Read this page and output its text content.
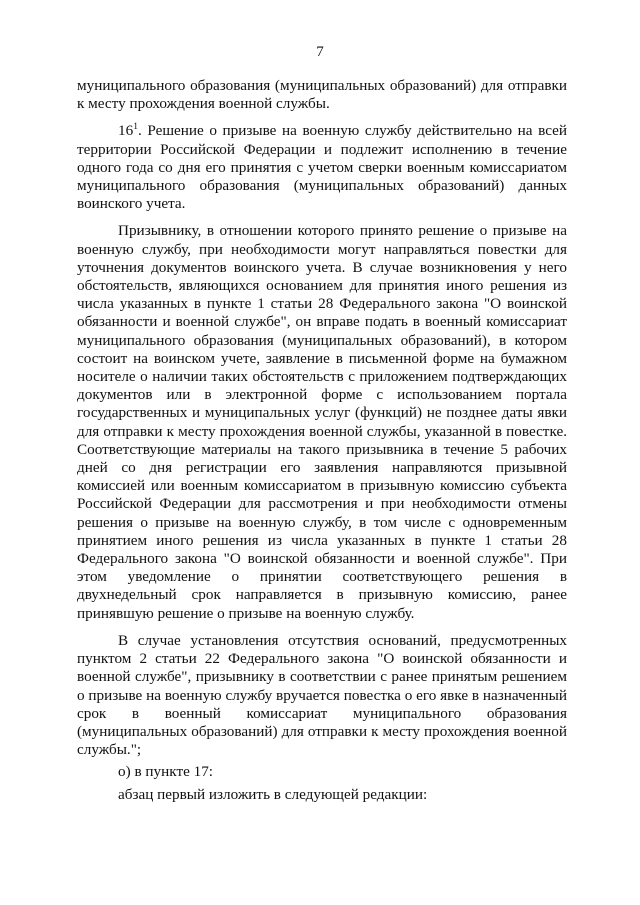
7

муниципального образования (муниципальных образований) для отправки к месту прохождения военной службы.

16$^1$. Решение о призыве на военную службу действительно на всей территории Российской Федерации и подлежит исполнению в течение одного года со дня его принятия с учетом сверки военным комиссариатом муниципального образования (муниципальных образований) данных воинского учета.

Призывнику, в отношении которого принято решение о призыве на военную службу, при необходимости могут направляться повестки для уточнения документов воинского учета. В случае возникновения у него обстоятельств, являющихся основанием для принятия иного решения из числа указанных в пункте 1 статьи 28 Федерального закона "О воинской обязанности и военной службе", он вправе подать в военный комиссариат муниципального образования (муниципальных образований), в котором состоит на воинском учете, заявление в письменной форме на бумажном носителе о наличии таких обстоятельств с приложением подтверждающих документов или в электронной форме с использованием портала государственных и муниципальных услуг (функций) не позднее даты явки для отправки к месту прохождения военной службы, указанной в повестке. Соответствующие материалы на такого призывника в течение 5 рабочих дней со дня регистрации его заявления направляются призывной комиссией или военным комиссариатом в призывную комиссию субъекта Российской Федерации для рассмотрения и при необходимости отмены решения о призыве на военную службу, в том числе с одновременным принятием иного решения из числа указанных в пункте 1 статьи 28 Федерального закона "О воинской обязанности и военной службе". При этом уведомление о принятии соответствующего решения в двухнедельный срок направляется в призывную комиссию, ранее принявшую решение о призыве на военную службу.

В случае установления отсутствия оснований, предусмотренных пунктом 2 статьи 22 Федерального закона "О воинской обязанности и военной службе", призывнику в соответствии с ранее принятым решением о призыве на военную службу вручается повестка о его явке в назначенный срок в военный комиссариат муниципального образования (муниципальных образований) для отправки к месту прохождения военной службы.";

о) в пункте 17:

абзац первый изложить в следующей редакции:
